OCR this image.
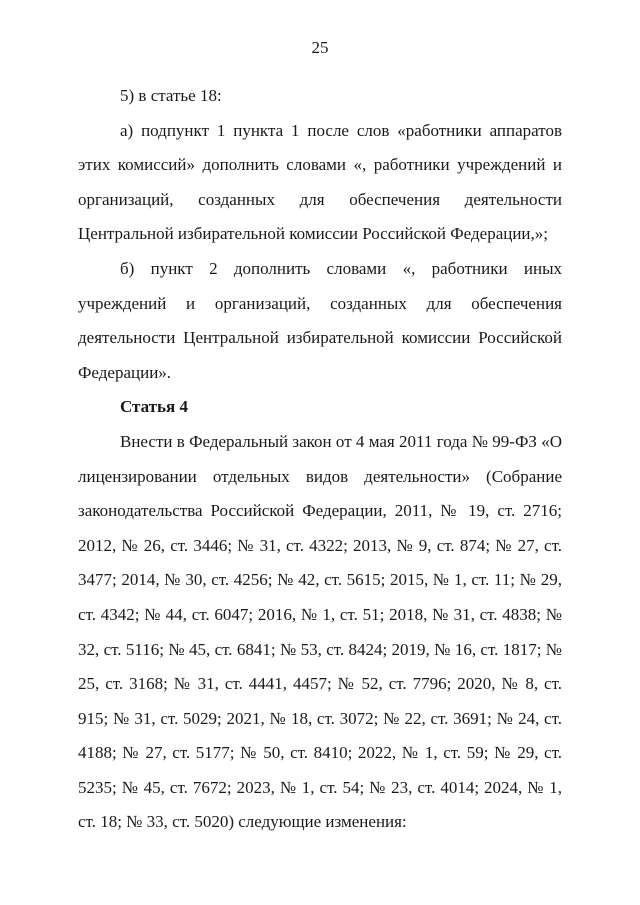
25

5) в статье 18:

а) подпункт 1 пункта 1 после слов «работники аппаратов этих комиссий» дополнить словами «, работники учреждений и организаций, созданных для обеспечения деятельности Центральной избирательной комиссии Российской Федерации,»;

б) пункт 2 дополнить словами «, работники иных учреждений и организаций, созданных для обеспечения деятельности Центральной избирательной комиссии Российской Федерации».

Статья 4

Внести в Федеральный закон от 4 мая 2011 года № 99-ФЗ «О лицензировании отдельных видов деятельности» (Собрание законодательства Российской Федерации, 2011, № 19, ст. 2716; 2012, № 26, ст. 3446; № 31, ст. 4322; 2013, № 9, ст. 874; № 27, ст. 3477; 2014, № 30, ст. 4256; № 42, ст. 5615; 2015, № 1, ст. 11; № 29, ст. 4342; № 44, ст. 6047; 2016, № 1, ст. 51; 2018, № 31, ст. 4838; № 32, ст. 5116; № 45, ст. 6841; № 53, ст. 8424; 2019, № 16, ст. 1817; № 25, ст. 3168; № 31, ст. 4441, 4457; № 52, ст. 7796; 2020, № 8, ст. 915; № 31, ст. 5029; 2021, № 18, ст. 3072; № 22, ст. 3691; № 24, ст. 4188; № 27, ст. 5177; № 50, ст. 8410; 2022, № 1, ст. 59; № 29, ст. 5235; № 45, ст. 7672; 2023, № 1, ст. 54; № 23, ст. 4014; 2024, № 1, ст. 18; № 33, ст. 5020) следующие изменения:
